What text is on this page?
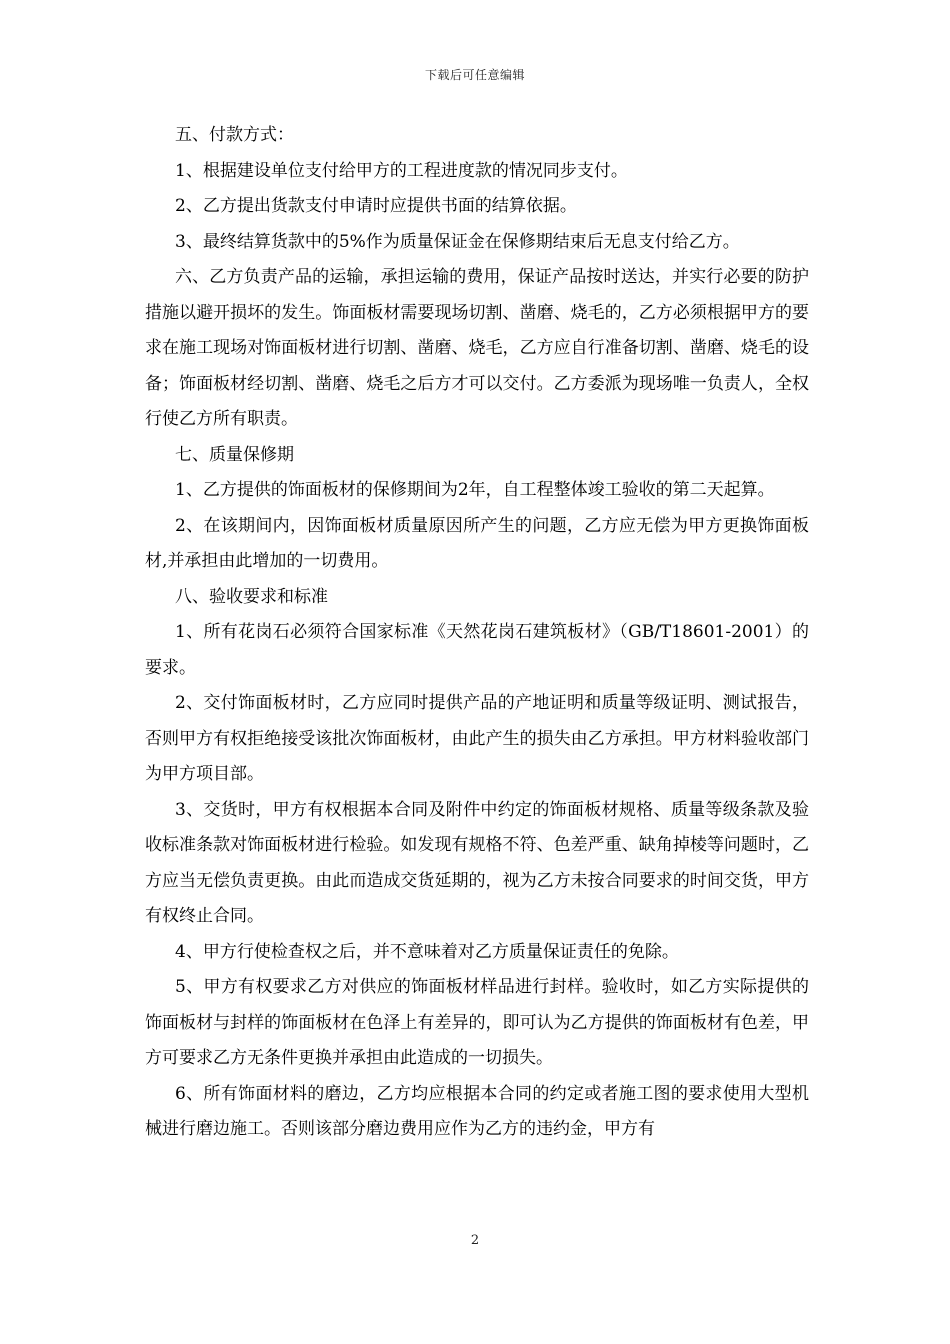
下载后可任意编辑

五、付款方式：

1、根据建设单位支付给甲方的工程进度款的情况同步支付。

2、乙方提出货款支付申请时应提供书面的结算依据。

3、最终结算货款中的5%作为质量保证金在保修期结束后无息支付给乙方。

六、乙方负责产品的运输，承担运输的费用，保证产品按时送达，并实行必要的防护措施以避开损坏的发生。饰面板材需要现场切割、凿磨、烧毛的，乙方必须根据甲方的要求在施工现场对饰面板材进行切割、凿磨、烧毛，乙方应自行准备切割、凿磨、烧毛的设备；饰面板材经切割、凿磨、烧毛之后方才可以交付。乙方委派为现场唯一负责人，全权行使乙方所有职责。

七、质量保修期

1、乙方提供的饰面板材的保修期间为2年，自工程整体竣工验收的第二天起算。

2、在该期间内，因饰面板材质量原因所产生的问题，乙方应无偿为甲方更换饰面板材,并承担由此增加的一切费用。

八、验收要求和标准

1、所有花岗石必须符合国家标准《天然花岗石建筑板材》（GB/T18601-2001）的要求。

2、交付饰面板材时，乙方应同时提供产品的产地证明和质量等级证明、测试报告，否则甲方有权拒绝接受该批次饰面板材，由此产生的损失由乙方承担。甲方材料验收部门为甲方项目部。

3、交货时，甲方有权根据本合同及附件中约定的饰面板材规格、质量等级条款及验收标准条款对饰面板材进行检验。如发现有规格不符、色差严重、缺角掉棱等问题时，乙方应当无偿负责更换。由此而造成交货延期的，视为乙方未按合同要求的时间交货，甲方有权终止合同。

4、甲方行使检查权之后，并不意味着对乙方质量保证责任的免除。

5、甲方有权要求乙方对供应的饰面板材样品进行封样。验收时，如乙方实际提供的饰面板材与封样的饰面板材在色泽上有差异的，即可认为乙方提供的饰面板材有色差，甲方可要求乙方无条件更换并承担由此造成的一切损失。

6、所有饰面材料的磨边，乙方均应根据本合同的约定或者施工图的要求使用大型机械进行磨边施工。否则该部分磨边费用应作为乙方的违约金，甲方有

2
